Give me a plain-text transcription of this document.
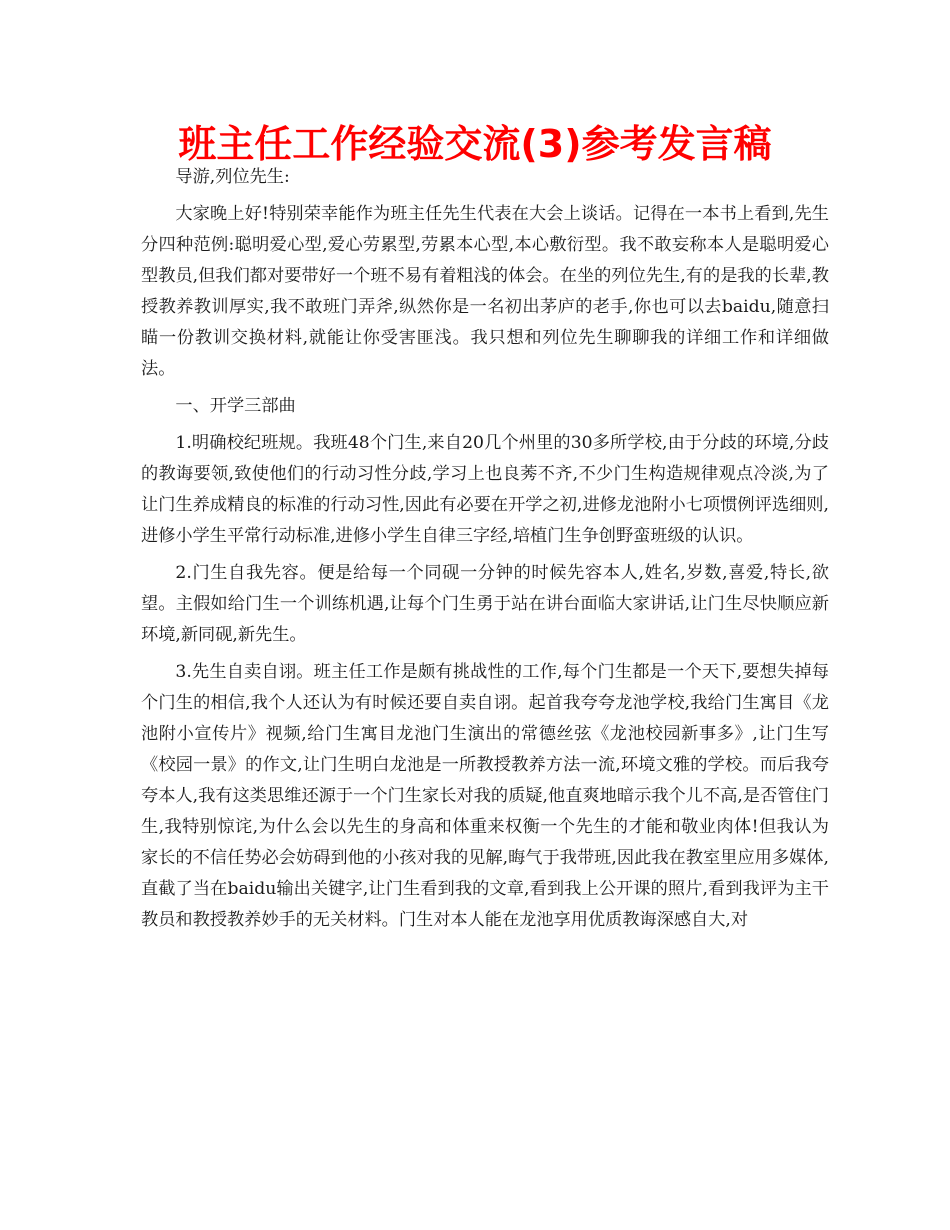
班主任工作经验交流(3)参考发言稿

导游,列位先生:

大家晚上好!特别荣幸能作为班主任先生代表在大会上谈话。记得在一本书上看到,先生分四种范例:聪明爱心型,爱心劳累型,劳累本心型,本心敷衍型。我不敢妄称本人是聪明爱心型教员,但我们都对要带好一个班不易有着粗浅的体会。在坐的列位先生,有的是我的长辈,教授教养教训厚实,我不敢班门弄斧,纵然你是一名初出茅庐的老手,你也可以去baidu,随意扫瞄一份教训交换材料,就能让你受害匪浅。我只想和列位先生聊聊我的详细工作和详细做法。

一、开学三部曲

1.明确校纪班规。我班48个门生,来自20几个州里的30多所学校,由于分歧的环境,分歧的教诲要领,致使他们的行动习性分歧,学习上也良莠不齐,不少门生构造规律观点冷淡,为了让门生养成精良的标准的行动习性,因此有必要在开学之初,进修龙池附小七项惯例评选细则,进修小学生平常行动标准,进修小学生自律三字经,培植门生争创野蛮班级的认识。

2.门生自我先容。便是给每一个同砚一分钟的时候先容本人,姓名,岁数,喜爱,特长,欲望。主假如给门生一个训练机遇,让每个门生勇于站在讲台面临大家讲话,让门生尽快顺应新环境,新同砚,新先生。

3.先生自卖自诩。班主任工作是颇有挑战性的工作,每个门生都是一个天下,要想失掉每个门生的相信,我个人还认为有时候还要自卖自诩。起首我夸夸龙池学校,我给门生寓目《龙池附小宣传片》视频,给门生寓目龙池门生演出的常德丝弦《龙池校园新事多》,让门生写《校园一景》的作文,让门生明白龙池是一所教授教养方法一流,环境文雅的学校。而后我夸夸本人,我有这类思维还源于一个门生家长对我的质疑,他直爽地暗示我个儿不高,是否管住门生,我特别惊诧,为什么会以先生的身高和体重来权衡一个先生的才能和敬业肉体!但我认为家长的不信任势必会妨碍到他的小孩对我的见解,晦气于我带班,因此我在教室里应用多媒体,直截了当在baidu输出关键字,让门生看到我的文章,看到我上公开课的照片,看到我评为主干教员和教授教养妙手的无关材料。门生对本人能在龙池享用优质教诲深感自大,对
